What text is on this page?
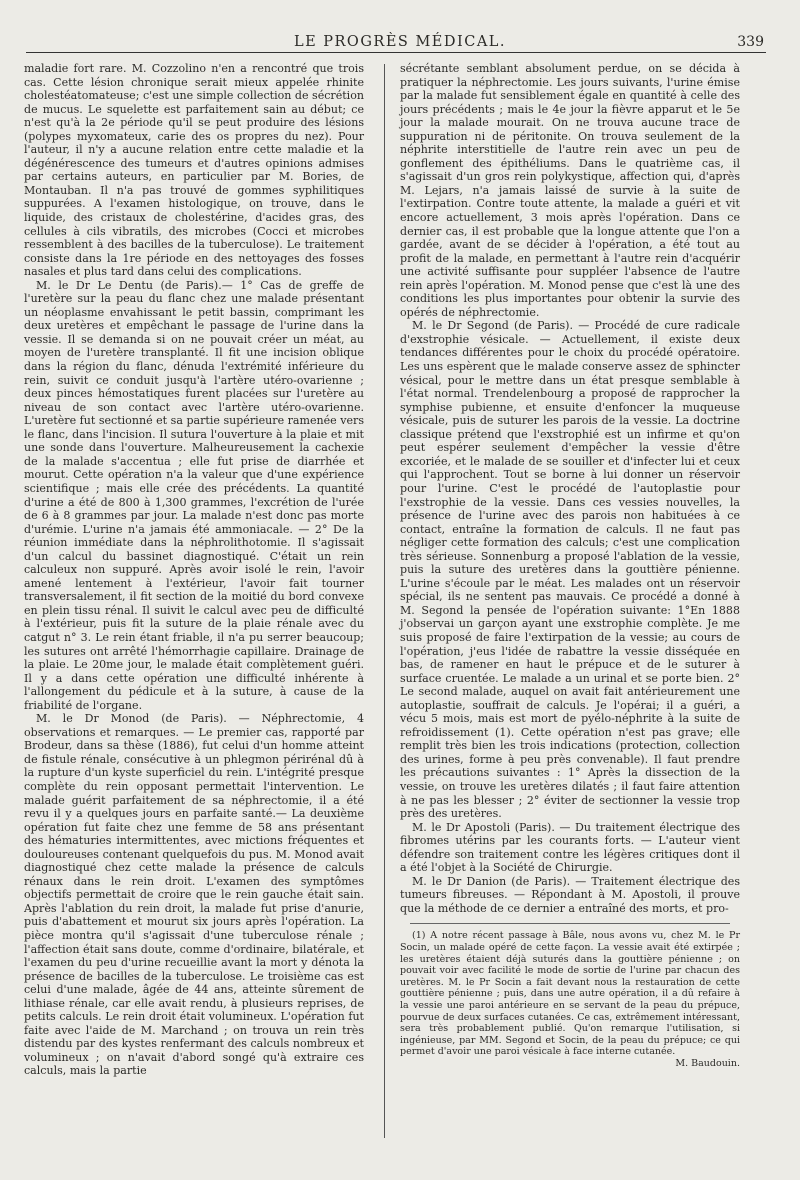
LE PROGRÈS MÉDICAL.	339

maladie fort rare. M. Cozzolino n'en a rencontré que trois cas. Cette lésion chronique serait mieux appelée rhinite cholestéatomateuse; c'est une simple collection de sécrétion de mucus. Le squelette est parfaitement sain au début; ce n'est qu'à la 2e période qu'il se peut produire des lésions (polypes myxomateux, carie des os propres du nez). Pour l'auteur, il n'y a aucune relation entre cette maladie et la dégénérescence des tumeurs et d'autres opinions admises par certains auteurs, en particulier par M. Bories, de Montauban. Il n'a pas trouvé de gommes syphilitiques suppurées. A l'examen histologique, on trouve, dans le liquide, des cristaux de cholestérine, d'acides gras, des cellules à cils vibratils, des microbes (Cocci et microbes ressemblent à des bacilles de la tuberculose). Le traitement consiste dans la 1re période en des nettoyages des fosses nasales et plus tard dans celui des complications.

M. le Dr Le Dentu (de Paris).— 1° Cas de greffe de l'uretère sur la peau du flanc chez une malade présentant un néoplasme envahissant le petit bassin, comprimant les deux uretères et empêchant le passage de l'urine dans la vessie. Il se demanda si on ne pouvait créer un méat, au moyen de l'uretère transplanté. Il fit une incision oblique dans la région du flanc, dénuda l'extrémité inférieure du rein, suivit ce conduit jusqu'à l'artère utéro-ovarienne ; deux pinces hémostatiques furent placées sur l'uretère au niveau de son contact avec l'artère utéro-ovarienne. L'uretère fut sectionné et sa partie supérieure ramenée vers le flanc, dans l'incision. Il sutura l'ouverture à la plaie et mit une sonde dans l'ouverture. Malheureusement la cachexie de la malade s'accentua ; elle fut prise de diarrhée et mourut. Cette opération n'a la valeur que d'une expérience scientifique ; mais elle crée des précédents. La quantité d'urine a été de 800 à 1,300 grammes, l'excrétion de l'urée de 6 à 8 grammes par jour. La malade n'est donc pas morte d'urémie. L'urine n'a jamais été ammoniacale. — 2° De la réunion immédiate dans la néphrolithotomie. Il s'agissait d'un calcul du bassinet diagnostiqué. C'était un rein calculeux non suppuré. Après avoir isolé le rein, l'avoir amené lentement à l'extérieur, l'avoir fait tourner transversalement, il fit section de la moitié du bord convexe en plein tissu rénal. Il suivit le calcul avec peu de difficulté à l'extérieur, puis fit la suture de la plaie rénale avec du catgut n° 3. Le rein étant friable, il n'a pu serrer beaucoup; les sutures ont arrêté l'hémorrhagie capillaire. Drainage de la plaie. Le 20me jour, le malade était complètement guéri. Il y a dans cette opération une difficulté inhérente à l'allongement du pédicule et à la suture, à cause de la friabilité de l'organe.

M. le Dr Monod (de Paris). — Néphrectomie, 4 observations et remarques. — Le premier cas, rapporté par Brodeur, dans sa thèse (1886), fut celui d'un homme atteint de fistule rénale, consécutive à un phlegmon périrénal dû à la rupture d'un kyste superficiel du rein. L'intégrité presque complète du rein opposant permettait l'intervention. Le malade guérit parfaitement de sa néphrectomie, il a été revu il y a quelques jours en parfaite santé.— La deuxième opération fut faite chez une femme de 58 ans présentant des hématuries intermittentes, avec mictions fréquentes et douloureuses contenant quelquefois du pus. M. Monod avait diagnostiqué chez cette malade la présence de calculs rénaux dans le rein droit. L'examen des symptômes objectifs permettait de croire que le rein gauche était sain. Après l'ablation du rein droit, la malade fut prise d'anurie, puis d'abattement et mourut six jours après l'opération. La pièce montra qu'il s'agissait d'une tuberculose rénale ; l'affection était sans doute, comme d'ordinaire, bilatérale, et l'examen du peu d'urine recueillie avant la mort y dénota la présence de bacilles de la tuberculose. Le troisième cas est celui d'une malade, âgée de 44 ans, atteinte sûrement de lithiase rénale, car elle avait rendu, à plusieurs reprises, de petits calculs. Le rein droit était volumineux. L'opération fut faite avec l'aide de M. Marchand ; on trouva un rein très distendu par des kystes renfermant des calculs nombreux et volumineux ; on n'avait d'abord songé qu'à extraire ces calculs, mais la partie

sécrétante semblant absolument perdue, on se décida à pratiquer la néphrectomie. Les jours suivants, l'urine émise par la malade fut sensiblement égale en quantité à celle des jours précédents ; mais le 4e jour la fièvre apparut et le 5e jour la malade mourait. On ne trouva aucune trace de suppuration ni de péritonite. On trouva seulement de la néphrite interstitielle de l'autre rein avec un peu de gonflement des épithéliums. Dans le quatrième cas, il s'agissait d'un gros rein polykystique, affection qui, d'après M. Lejars, n'a jamais laissé de survie à la suite de l'extirpation. Contre toute attente, la malade a guéri et vit encore actuellement, 3 mois après l'opération. Dans ce dernier cas, il est probable que la longue attente que l'on a gardée, avant de se décider à l'opération, a été tout au profit de la malade, en permettant à l'autre rein d'acquérir une activité suffisante pour suppléer l'absence de l'autre rein après l'opération. M. Monod pense que c'est là une des conditions les plus importantes pour obtenir la survie des opérés de néphrectomie.

M. le Dr Segond (de Paris). — Procédé de cure radicale d'exstrophie vésicale. — Actuellement, il existe deux tendances différentes pour le choix du procédé opératoire. Les uns espèrent que le malade conserve assez de sphincter vésical, pour le mettre dans un état presque semblable à l'état normal. Trendelenbourg a proposé de rapprocher la symphise pubienne, et ensuite d'enfoncer la muqueuse vésicale, puis de suturer les parois de la vessie. La doctrine classique prétend que l'exstrophié est un infirme et qu'on peut espérer seulement d'empêcher la vessie d'être excoriée, et le malade de se souiller et d'infecter lui et ceux qui l'approchent. Tout se borne à lui donner un réservoir pour l'urine. C'est le procédé de l'autoplastie pour l'exstrophie de la vessie. Dans ces vessies nouvelles, la présence de l'urine avec des parois non habituées à ce contact, entraîne la formation de calculs. Il ne faut pas négliger cette formation des calculs; c'est une complication très sérieuse. Sonnenburg a proposé l'ablation de la vessie, puis la suture des uretères dans la gouttière pénienne. L'urine s'écoule par le méat. Les malades ont un réservoir spécial, ils ne sentent pas mauvais. Ce procédé a donné à M. Segond la pensée de l'opération suivante: 1°En 1888 j'observai un garçon ayant une exstrophie complète. Je me suis proposé de faire l'extirpation de la vessie; au cours de l'opération, j'eus l'idée de rabattre la vessie disséquée en bas, de ramener en haut le prépuce et de le suturer à surface cruentée. Le malade a un urinal et se porte bien. 2° Le second malade, auquel on avait fait antérieurement une autoplastie, souffrait de calculs. Je l'opérai; il a guéri, a vécu 5 mois, mais est mort de pyélo-néphrite à la suite de refroidissement (1). Cette opération n'est pas grave; elle remplit très bien les trois indications (protection, collection des urines, forme à peu près convenable). Il faut prendre les précautions suivantes : 1° Après la dissection de la vessie, on trouve les uretères dilatés ; il faut faire attention à ne pas les blesser ; 2° éviter de sectionner la vessie trop près des uretères.

M. le Dr Apostoli (Paris). — Du traitement électrique des fibromes utérins par les courants forts. — L'auteur vient défendre son traitement contre les légères critiques dont il a été l'objet à la Société de Chirurgie.

M. le Dr Danion (de Paris). — Traitement électrique des tumeurs fibreuses. — Répondant à M. Apostoli, il prouve que la méthode de ce dernier a entraîné des morts, et pro-

(1) A notre récent passage à Bâle, nous avons vu, chez M. le Pr Socin, un malade opéré de cette façon. La vessie avait été extirpée ; les uretères étaient déjà suturés dans la gouttière pénienne ; on pouvait voir avec facilité le mode de sortie de l'urine par chacun des uretères. M. le Pr Socin a fait devant nous la restauration de cette gouttière pénienne ; puis, dans une autre opération, il a dû refaire à la vessie une paroi antérieure en se servant de la peau du prépuce, pourvue de deux surfaces cutanées. Ce cas, extrêmement intéressant, sera très probablement publié. Qu'on remarque l'utilisation, si ingénieuse, par MM. Segond et Socin, de la peau du prépuce; ce qui permet d'avoir une paroi vésicale à face interne cutanée.

M. Baudouin.
